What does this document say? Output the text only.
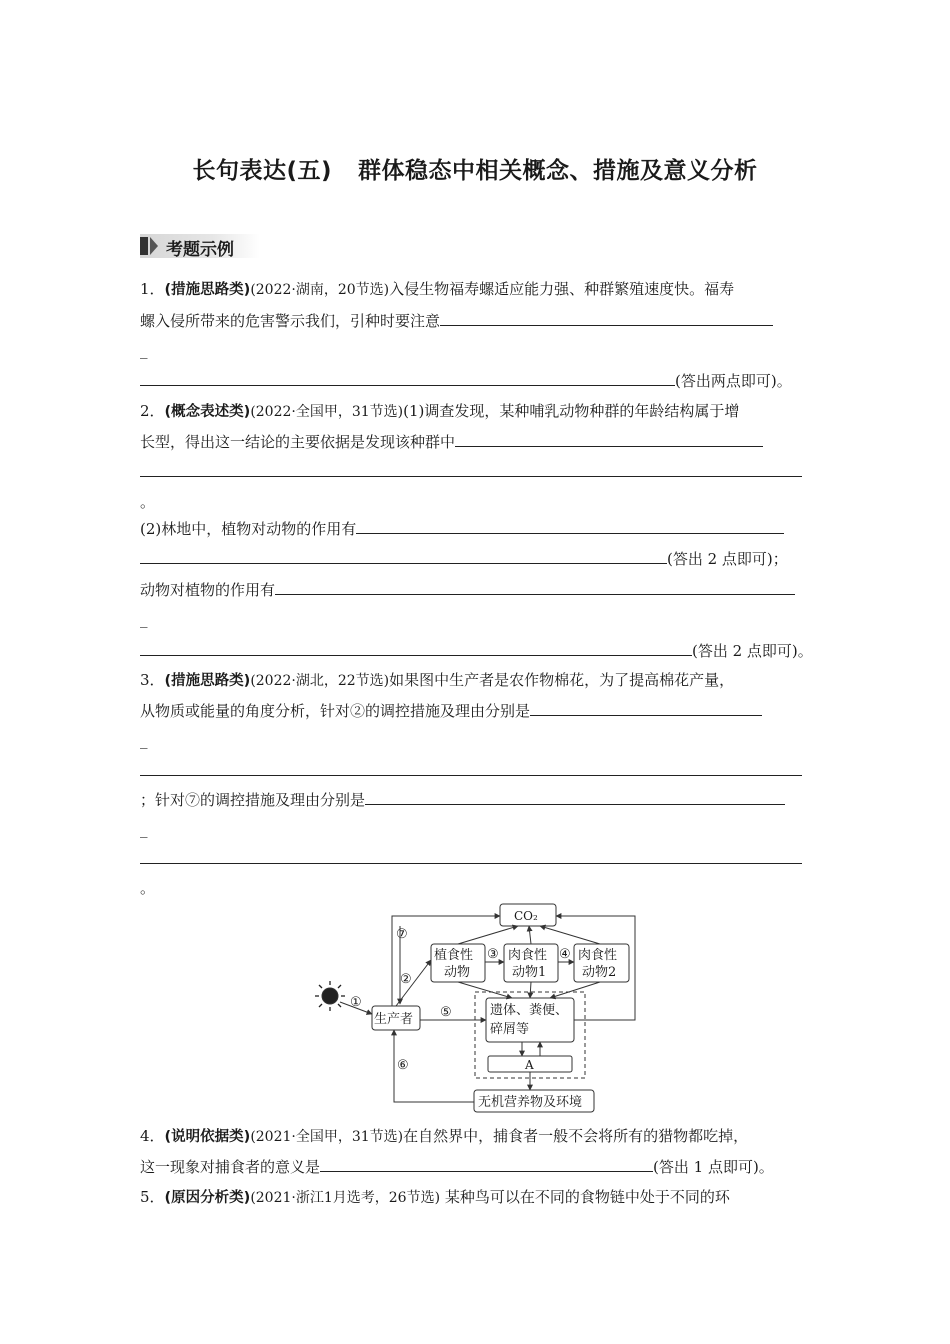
长句表达(五) 群体稳态中相关概念、措施及意义分析
考题示例
1．(措施思路类)(2022·湖南，20节选)入侵生物福寿螺适应能力强、种群繁殖速度快。福寿
螺入侵所带来的危害警示我们，引种时要注意
_
(答出两点即可)。
2．(概念表述类)(2022·全国甲，31节选)(1)调查发现，某种哺乳动物种群的年龄结构属于增
长型，得出这一结论的主要依据是发现该种群中
。
(2)林地中，植物对动物的作用有
(答出 2 点即可)；
动物对植物的作用有
_
(答出 2 点即可)。
3．(措施思路类)(2022·湖北，22节选)如果图中生产者是农作物棉花，为了提高棉花产量，
从物质或能量的角度分析，针对②的调控措施及理由分别是
_
；针对⑦的调控措施及理由分别是
_
。
CO₂
植食性
动物
肉食性
动物1
肉食性
动物2
生产者
遗体、粪便、
碎屑等
A
无机营养物及环境
①
②
③	④
⑤
⑥
⑦
4．(说明依据类)(2021·全国甲，31节选)在自然界中，捕食者一般不会将所有的猎物都吃掉，
这一现象对捕食者的意义是	(答出 1 点即可)。
5．(原因分析类)(2021·浙江1月选考，26节选) 某种鸟可以在不同的食物链中处于不同的环
